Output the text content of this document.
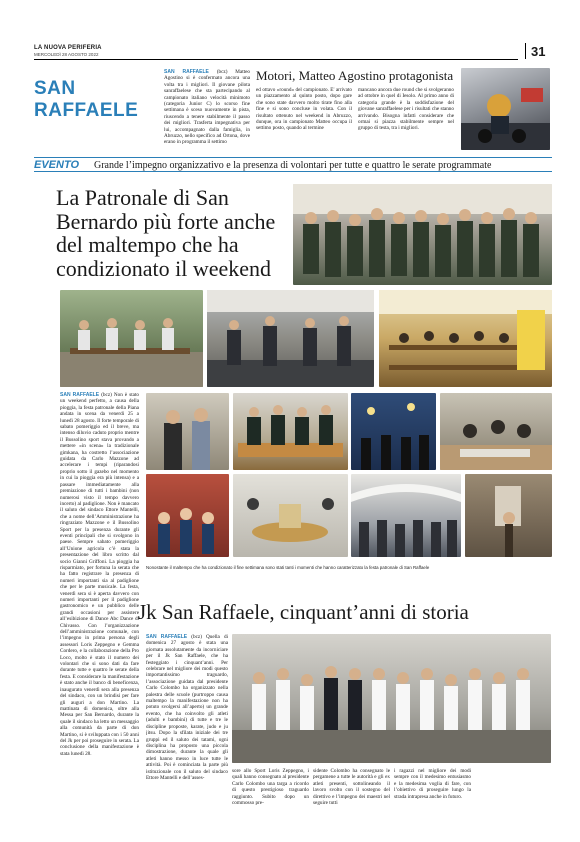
LA NUOVA PERIFERIA
MERCOLEDÌ 28 AGOSTO 2022	31
SAN RAFFAELE
SAN RAFFAELE (bcz) Matteo Agostino si è confermato ancora una volta tra i migliori. Il giovane pilota sanraffaelese che sta partecipando al campionato italiano velocità minimoto (categoria Junior C) lo scorso fine settimana è sceso nuovamente in pista, riuscendo a tenere stabilmente il passo dei migliori. Trasferta impegnativa per lui, accompagnato dalla famiglia, in Abruzzo, nello specifico ad Ortona, dove erano in programma il settimo
Motori, Matteo Agostino protagonista
ed ottavo «round» del campionato. E' arrivato un piazzamento al quinto posto, dopo gare che sono state davvero molto tirate fino alla fine e si sono concluse in volata. Con il risultato ottenuto nel weekend in Abruzzo, dunque, ora in campionato Matteo occupa il settimo posto, quando al termine
mancano ancora due round che si svolgeranno ad ottobre in quel di Iesolo. Al primo anno di categoria grande è la soddisfazione del giovane sanraffaelese per i risultati che stanno arrivando. Bisogna infatti considerare che ormai si piazza stabilmente sempre nel gruppo di testa, tra i migliori.
EVENTO Grande l’impegno organizzativo e la presenza di volontari per tutte e quattro le serate programmate
La Patronale di San Bernardo più forte anche del maltempo che ha condizionato il weekend
SAN RAFFAELE (bcz) Non è stato un weekend perfetto, a causa della pioggia, la festa patronale della Piana andata in scena da venerdì 25 a lunedì 28 agosto. Il forte temporale di sabato pomeriggio ed il breve, ma intenso diluvio caduto proprio mentre il Bussolino sport stava provando a mettere «in scena» la tradizionale gimkana, ha costretto l’associazione guidata da Carlo Mazzone ad accelerare i tempi (riparandosi proprio sotto il gazebo nel momento in cui la pioggia era più intensa) e a passare immediatamente alla premiazione di tutti i bambini (non numerosi visto il tempo davvero incerto) al padiglione. Non è mancato il saluto del sindaco Ettore Mantelli, che a nome dell’Amministrazione ha ringraziato Mazzone e il Bussolino Sport per la presenza durante gli eventi principali che si svolgono in paese. Sempre sabato pomeriggio all’Unione agricola c’è stata la presentazione del libro scritto dal socio Gianni Griffoni. La pioggia ha risparmiato, per fortuna la serata che ha fatto registrare la presenza di numeri importanti sia al padiglione che per le parte musicale. La festa, venerdì sera si è aperta davvero con numeri importanti per il padiglione gastronomico e un pubblico delle grandi occasioni per assistere all’esibizione di Dance Abc Dance di Chivasso. Con l’organizzazione dell’amministrazione comunale, con l’impegno in prima persona degli assessori Loris Zeppegno e Gemma Cordero, e la collaborazione della Pro Loco, molto è stato il numero dei volontari che si sono dati da fare durante tutte e quattro le serate della festa. E considerare la manifestazione è stato anche il banco di beneficenza, inaugurato venerdì sera alla presenza del sindaco, con un brindisi per fare gli auguri a don Martino. La mattinata di domenica, oltre alla Messa per San Bernardo, durante la quale il sindaco ha letto un messaggio alla comunità da parte di don Martino, si è sviluppata con i 50 anni del Jk per poi proseguire in serata. La conclusione della manifestazione è stata lunedì 28.
Nonostante il maltempo che ha condizionato il fine settimana sono stati tanti i momenti che hanno caratterizzato la festa patronale di San Raffaele
Jk San Raffaele, cinquant’anni di storia
SAN RAFFAELE (bcz) Quella di domenica 27 agosto è stata una giornata assolutamente da incorniciare per il Jk San Raffaele, che ha festeggiato i cinquant’anni. Per celebrare nel migliore dei modi questo importantissimo traguardo, l’associazione guidata dal presidente Carlo Colombo ha organizzato nella palestra delle scuole (purtroppo causa maltempo la manifestazione non ha potuto svolgersi all’aperto) un grande evento, che ha coinvolto gli atleti (adulti e bambini) di tutte e tre le discipline proposte, karate, judo e ju jitsu. Dopo la sfilata iniziale dei tre gruppi ed il saluto dei tatami, ogni disciplina ha proposto una piccola dimostrazione, durante la quale gli atleti hanno messo in luce tutte le attività. Poi è cominciata la parte più istituzionale con il saluto del sindaco Ettore Mantelli e dell’asses-
sore allo Sport Loris Zeppegno, i quali hanno consegnato al presidente Carlo Colombo una targa a ricordo di questo prestigioso traguardo raggiunto. Subito dopo un commosso pre-
sidente Colombo ha consegnato le pergamene a tutte le autorità e gli ex atleti presenti, sottolineando il lavoro svolto con il sostegno del direttivo e l’impegno dei maestri nel seguire tutti
i ragazzi nel migliore dei modi sempre con il medesimo entusiasmo e la medesima voglia di fare, con l’obiettivo di proseguire lungo la strada intrapresa anche in futuro.
